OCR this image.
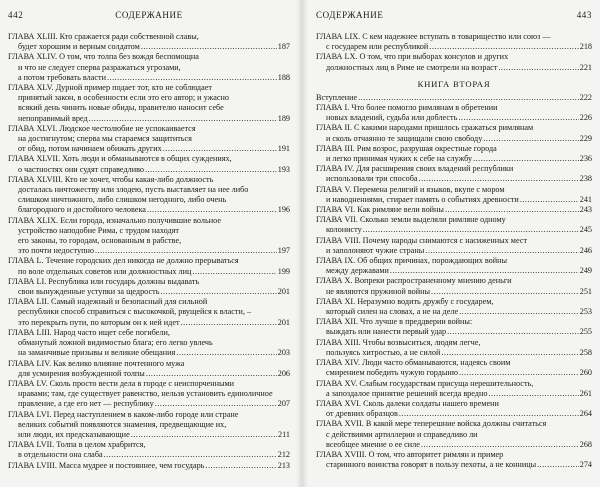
442	СОДЕРЖАНИЕ
ГЛАВА XLIII. Кто сражается ради собственной славы,
будет хорошим и верным солдатом .....	187
ГЛАВА XLIV. О том, что толпа без вождя беспомощна
и что не следует сперва разражаться угрозами,
а потом требовать власти .....	188
ГЛАВА XLV. Дурной пример подает тот, кто не соблюдает
принятый закон, в особенности если это его автор; и ужасно
всякий день чинить новые обиды, правителю наносит себе
непоправимый вред .....	189
ГЛАВА XLVI. Людское честолюбие не успокаивается
на достигнутом; сперва мы стараемся защититься
от обид, потом начинаем обижать других .....	191
ГЛАВА XLVII. Хоть люди и обманываются в общих суждениях,
о частностях они судят справедливо .....	193
ГЛАВА XLVIII. Кто не хочет, чтобы какая-либо должность
досталась ничтожеству или злодею, пусть выставляет на нее либо
слишком ничтожного, либо слишком негодного, либо очень
благородного и достойного человека .....	196
ГЛАВА XLIX. Если города, изначально получившие вольное
устройство наподобие Рима, с трудом находят
его законы, то городам, основанным в рабстве,
это почти недоступно .....	197
ГЛАВА L. Течение городских дел никогда не должно прерываться
по воле отдельных советов или должностных лиц .....	199
ГЛАВА LI. Республика или государь должны выдавать
свои вынужденные уступки за щедрость .....	201
ГЛАВА LII. Самый надежный и безопасный для сильной
республики способ справиться с высокочкой, рвущейся к власти, –
это перекрыть пути, по которым он к ней идет .....	201
ГЛАВА LIII. Народ часто ищет себе погибели,
обманутый ложной видимостью блага; его легко увлечь
на заманчивые призывы и великие обещания .....	203
ГЛАВА LIV. Как велико влияние почтенного мужа
для усмирения возбужденной толпы .....	206
ГЛАВА LV. Сколь просто вести дела в городе с неиспорченными
нравами; там, где существует равенство, нельзя установить единоличное
правление, а где его нет — республику .....	207
ГЛАВА LVI. Перед наступлением в каком-либо городе или стране
великих событий появляются знамения, предвещающие их,
или люди, их предсказывающие .....	211
ГЛАВА LVII. Толпа в целом храбрится,
в отдельности она слаба .....	212
ГЛАВА LVIII. Масса мудрее и постояннее, чем государь .....	213
СОДЕРЖАНИЕ	443
ГЛАВА LIX. С кем надежнее вступать в товарищество или союз —
с государем или республикой .....	218
ГЛАВА LX. О том, что при выборах консулов и других
должностных лиц в Риме не смотрели на возраст .....	221
КНИГА ВТОРАЯ
Вступление .....	222
ГЛАВА I. Что более помогло римлянам в обретении
новых владений, судьба или доблесть .....	226
ГЛАВА II. С какими народами пришлось сражаться римлянам
и сколь отчаянно те защищали свою свободу .....	229
ГЛАВА III. Рим возрос, разрушая окрестные города
и легко принимая чужих к себе на службу .....	236
ГЛАВА IV. Для расширения своих владений республики
использовали три способа .....	238
ГЛАВА V. Перемена религий и языков, вкупе с мором
и наводнениями, стирает память о событиях древности .....	241
ГЛАВА VI. Как римляне вели войны .....	243
ГЛАВА VII. Сколько земли выделяли римляне одному
колонисту .....	245
ГЛАВА VIII. Почему народы снимаются с насиженных мест
и заполоняют чужие страны .....	246
ГЛАВА IX. Об общих причинах, порождающих войны
между державами .....	249
ГЛАВА X. Вопреки распространенному мнению деньги
не являются пружиной войны .....	251
ГЛАВА XI. Неразумно водить дружбу с государем,
который силен на словах, а не на деле .....	253
ГЛАВА XII. Что лучше в преддверии войны:
выждать или нанести первый удар .....	255
ГЛАВА XIII. Чтобы возвыситься, людям легче,
пользуясь хитростью, а не силой .....	258
ГЛАВА XIV. Люди часто обманываются, надеясь своим
смирением победить чужую гордыню .....	260
ГЛАВА XV. Слабым государствам присуща нерешительность,
а запоздалое принятие решений всегда вредно .....	261
ГЛАВА XVI. Сколь далеки солдаты нашего времени
от древних образцов .....	264
ГЛАВА XVII. В какой мере теперешние войска должны считаться
с действиями артиллерии и справедливо ли
всеобщее мнение о ее силе .....	268
ГЛАВА XVIII. О том, что авторитет римлян и пример
старинного воинства говорят в пользу пехоты, а не конницы .....	274
